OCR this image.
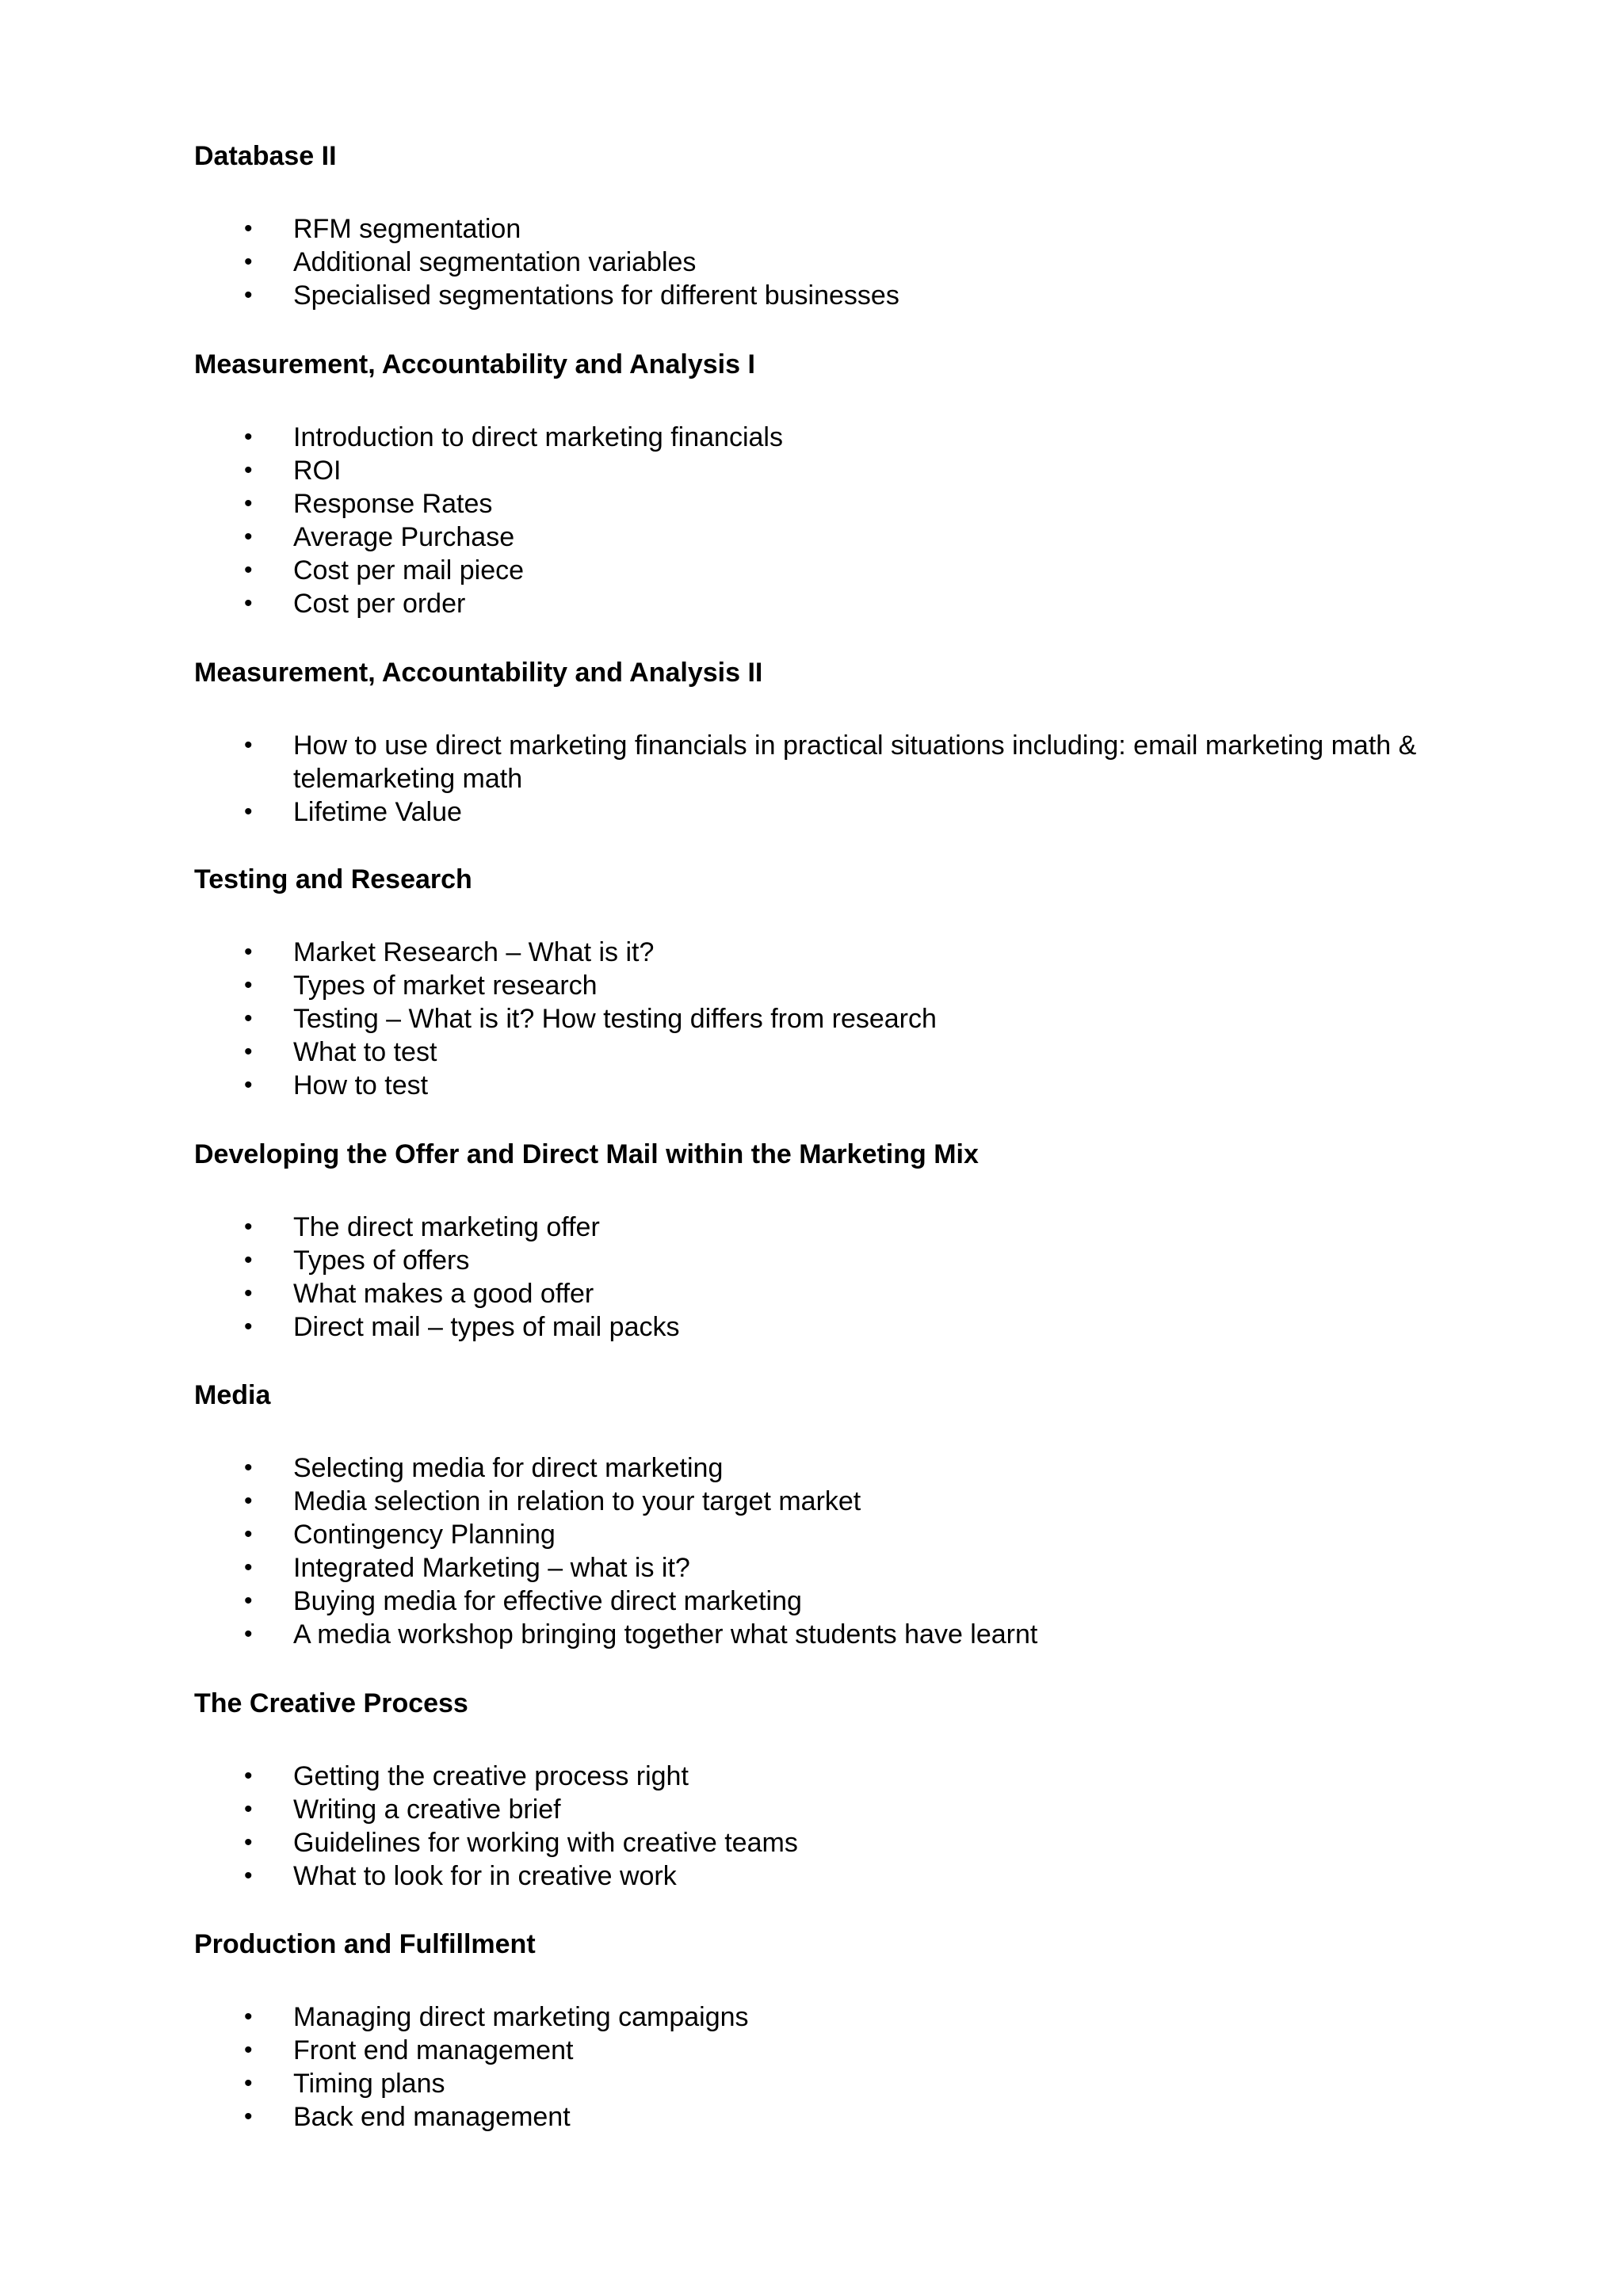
Database II
•	RFM segmentation
•	Additional segmentation variables
•	Specialised segmentations for different businesses
Measurement, Accountability and Analysis I
•	Introduction to direct marketing financials
•	ROI
•	Response Rates
•	Average Purchase
•	Cost per mail piece
•	Cost per order
Measurement, Accountability and Analysis II
•	How to use direct marketing financials in practical situations including: email marketing math & telemarketing math
•	Lifetime Value
Testing and Research
•	Market Research – What is it?
•	Types of market research
•	Testing – What is it? How testing differs from research
•	What to test
•	How to test
Developing the Offer and Direct Mail within the Marketing Mix
•	The direct marketing offer
•	Types of offers
•	What makes a good offer
•	Direct mail – types of mail packs
Media
•	Selecting media for direct marketing
•	Media selection in relation to your target market
•	Contingency Planning
•	Integrated Marketing – what is it?
•	Buying media for effective direct marketing
•	A media workshop bringing together what students have learnt
The Creative Process
•	Getting the creative process right
•	Writing a creative brief
•	Guidelines for working with creative teams
•	What to look for in creative work
Production and Fulfillment
•	Managing direct marketing campaigns
•	Front end management
•	Timing plans
•	Back end management
